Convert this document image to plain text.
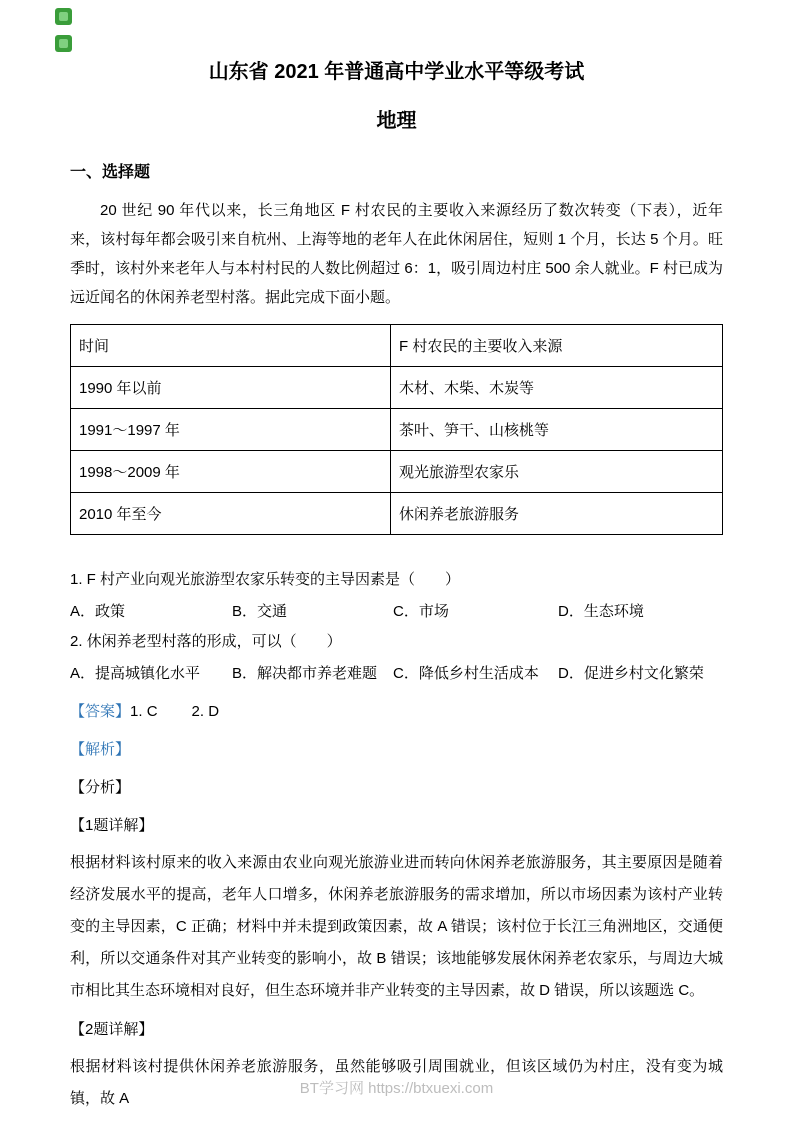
山东省 2021 年普通高中学业水平等级考试
地理
一、选择题

20 世纪 90 年代以来，长三角地区 F 村农民的主要收入来源经历了数次转变（下表），近年来，该村每年都会吸引来自杭州、上海等地的老年人在此休闲居住，短则 1 个月，长达 5 个月。旺季时，该村外来老年人与本村村民的人数比例超过 6：1，吸引周边村庄 500 余人就业。F 村已成为远近闻名的休闲养老型村落。据此完成下面小题。

时间	F 村农民的主要收入来源
1990 年以前	木材、木柴、木炭等
1991～1997 年	茶叶、笋干、山核桃等
1998～2009 年	观光旅游型农家乐
2010 年至今	休闲养老旅游服务
1. F 村产业向观光旅游型农家乐转变的主导因素是（　　）
A．政策	B．交通	C．市场	D．生态环境
2. 休闲养老型村落的形成，可以（　　）
A．提高城镇化水平	B．解决都市养老难题	C．降低乡村生活成本	D．促进乡村文化繁荣
【答案】1. C 2. D
【解析】
【分析】
【1题详解】

根据材料该村原来的收入来源由农业向观光旅游业进而转向休闲养老旅游服务，其主要原因是随着经济发展水平的提高，老年人口增多，休闲养老旅游服务的需求增加，所以市场因素为该村产业转变的主导因素，C 正确；材料中并未提到政策因素，故 A 错误；该村位于长江三角洲地区，交通便利，所以交通条件对其产业转变的影响小，故 B 错误；该地能够发展休闲养老农家乐，与周边大城市相比其生态环境相对良好，但生态环境并非产业转变的主导因素，故 D 错误，所以该题选 C。

【2题详解】

根据材料该村提供休闲养老旅游服务，虽然能够吸引周围就业，但该区域仍为村庄，没有变为城镇，故 A

BT学习网 https://btxuexi.com
